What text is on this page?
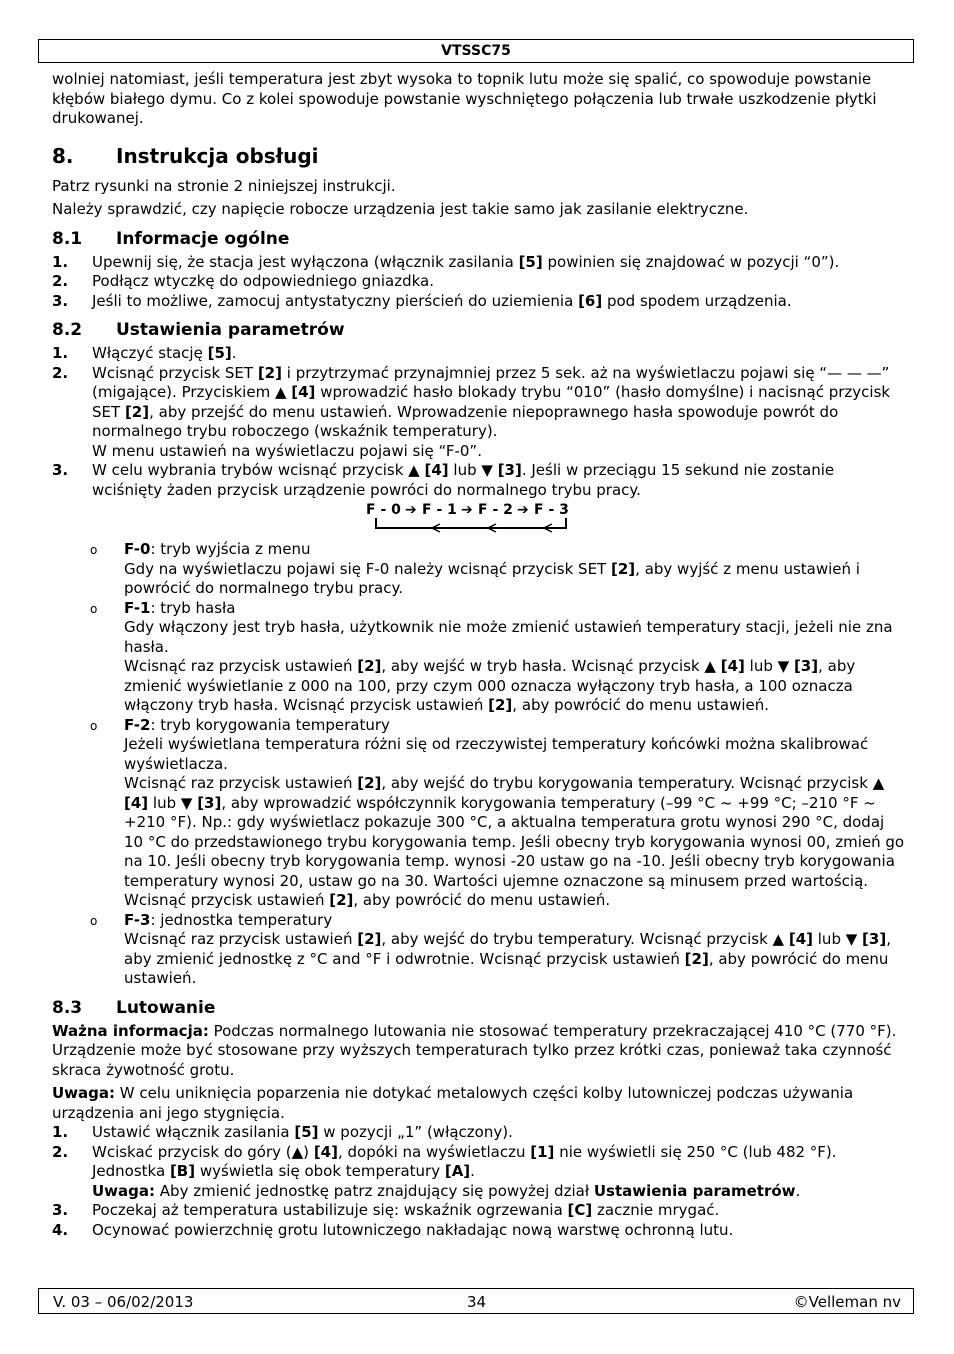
VTSSC75

wolniej natomiast, jeśli temperatura jest zbyt wysoka to topnik lutu może się spalić, co spowoduje powstanie kłębów białego dymu. Co z kolei spowoduje powstanie wyschniętego połączenia lub trwałe uszkodzenie płytki drukowanej.

8. Instrukcja obsługi

Patrz rysunki na stronie 2 niniejszej instrukcji.

Należy sprawdzić, czy napięcie robocze urządzenia jest takie samo jak zasilanie elektryczne.

8.1 Informacje ogólne
1.	Upewnij się, że stacja jest wyłączona (włącznik zasilania [5] powinien się znajdować w pozycji “0”).
2.	Podłącz wtyczkę do odpowiedniego gniazdka.
3.	Jeśli to możliwe, zamocuj antystatyczny pierścień do uziemienia [6] pod spodem urządzenia.
8.2 Ustawienia parametrów
1.	Włączyć stację [5].
2.	Wcisnąć przycisk SET [2] i przytrzymać przynajmniej przez 5 sek. aż na wyświetlaczu pojawi się “— — —” (migające). Przyciskiem ▲ [4] wprowadzić hasło blokady trybu “010” (hasło domyślne) i nacisnąć przycisk SET [2], aby przejść do menu ustawień. Wprowadzenie niepoprawnego hasła spowoduje powrót do normalnego trybu roboczego (wskaźnik temperatury).
W menu ustawień na wyświetlaczu pojawi się “F-0”.
3.	W celu wybrania trybów wcisnąć przycisk ▲ [4] lub ▼ [3]. Jeśli w przeciągu 15 sekund nie zostanie wciśnięty żaden przycisk urządzenie powróci do normalnego trybu pracy.
F - 0 ➔ F - 1 ➔ F - 2 ➔ F - 3
o	F-0: tryb wyjścia z menu
Gdy na wyświetlaczu pojawi się F-0 należy wcisnąć przycisk SET [2], aby wyjść z menu ustawień i powrócić do normalnego trybu pracy.
o	F-1: tryb hasła
Gdy włączony jest tryb hasła, użytkownik nie może zmienić ustawień temperatury stacji, jeżeli nie zna hasła.
Wcisnąć raz przycisk ustawień [2], aby wejść w tryb hasła. Wcisnąć przycisk ▲ [4] lub ▼ [3], aby zmienić wyświetlanie z 000 na 100, przy czym 000 oznacza wyłączony tryb hasła, a 100 oznacza włączony tryb hasła. Wcisnąć przycisk ustawień [2], aby powrócić do menu ustawień.
o	F-2: tryb korygowania temperatury
Jeżeli wyświetlana temperatura różni się od rzeczywistej temperatury końcówki można skalibrować wyświetlacza.
Wcisnąć raz przycisk ustawień [2], aby wejść do trybu korygowania temperatury. Wcisnąć przycisk ▲ [4] lub ▼ [3], aby wprowadzić współczynnik korygowania temperatury (–99 °C ~ +99 °C; –210 °F ~ +210 °F). Np.: gdy wyświetlacz pokazuje 300 °C, a aktualna temperatura grotu wynosi 290 °C, dodaj 10 °C do przedstawionego trybu korygowania temp. Jeśli obecny tryb korygowania wynosi 00, zmień go na 10. Jeśli obecny tryb korygowania temp. wynosi -20 ustaw go na -10. Jeśli obecny tryb korygowania temperatury wynosi 20, ustaw go na 30. Wartości ujemne oznaczone są minusem przed wartością. Wcisnąć przycisk ustawień [2], aby powrócić do menu ustawień.
o	F-3: jednostka temperatury
Wcisnąć raz przycisk ustawień [2], aby wejść do trybu temperatury. Wcisnąć przycisk ▲ [4] lub ▼ [3], aby zmienić jednostkę z °C and °F i odwrotnie. Wcisnąć przycisk ustawień [2], aby powrócić do menu ustawień.
8.3 Lutowanie

Ważna informacja: Podczas normalnego lutowania nie stosować temperatury przekraczającej 410 °C (770 °F). Urządzenie może być stosowane przy wyższych temperaturach tylko przez krótki czas, ponieważ taka czynność skraca żywotność grotu.

Uwaga: W celu uniknięcia poparzenia nie dotykać metalowych części kolby lutowniczej podczas używania urządzenia ani jego stygnięcia.

1.	Ustawić włącznik zasilania [5] w pozycji „1” (włączony).
2.	Wciskać przycisk do góry (▲) [4], dopóki na wyświetlaczu [1] nie wyświetli się 250 °C (lub 482 °F). Jednostka [B] wyświetla się obok temperatury [A].
Uwaga: Aby zmienić jednostkę patrz znajdujący się powyżej dział Ustawienia parametrów.
3.	Poczekaj aż temperatura ustabilizuje się: wskaźnik ogrzewania [C] zacznie mrygać.
4.	Ocynować powierzchnię grotu lutowniczego nakładając nową warstwę ochronną lutu.
V. 03 – 06/02/2013	34	©Velleman nv
